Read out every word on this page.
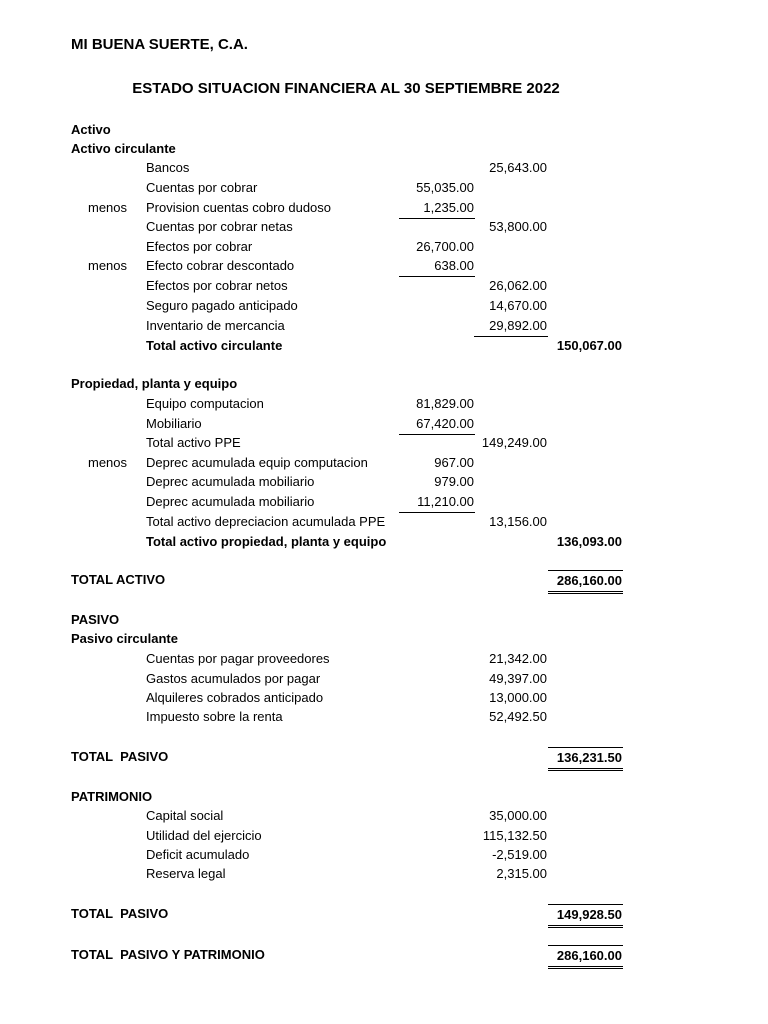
MI BUENA SUERTE, C.A.
ESTADO SITUACION FINANCIERA AL 30 SEPTIEMBRE 2022
Activo
Activo circulante
Bancos	25,643.00
Cuentas por cobrar	55,035.00
menos Provision cuentas cobro dudoso	1,235.00
Cuentas por cobrar netas	53,800.00
Efectos por cobrar	26,700.00
menos Efecto cobrar descontado	638.00
Efectos por cobrar netos	26,062.00
Seguro pagado anticipado	14,670.00
Inventario de mercancia	29,892.00
Total activo circulante	150,067.00
Propiedad, planta y equipo
Equipo computacion	81,829.00
Mobiliario	67,420.00
Total activo PPE	149,249.00
menos Deprec acumulada equip computacion	967.00
Deprec acumulada mobiliario	979.00
Deprec acumulada mobiliario	11,210.00
Total activo depreciacion acumulada PPE	13,156.00
Total activo propiedad, planta y equipo	136,093.00
TOTAL ACTIVO	286,160.00
PASIVO
Pasivo circulante
Cuentas por pagar proveedores	21,342.00
Gastos acumulados por pagar	49,397.00
Alquileres cobrados anticipado	13,000.00
Impuesto sobre la renta	52,492.50
TOTAL  PASIVO	136,231.50
PATRIMONIO
Capital social	35,000.00
Utilidad del ejercicio	115,132.50
Deficit acumulado	-2,519.00
Reserva legal	2,315.00
TOTAL  PASIVO	149,928.50
TOTAL  PASIVO Y PATRIMONIO	286,160.00
